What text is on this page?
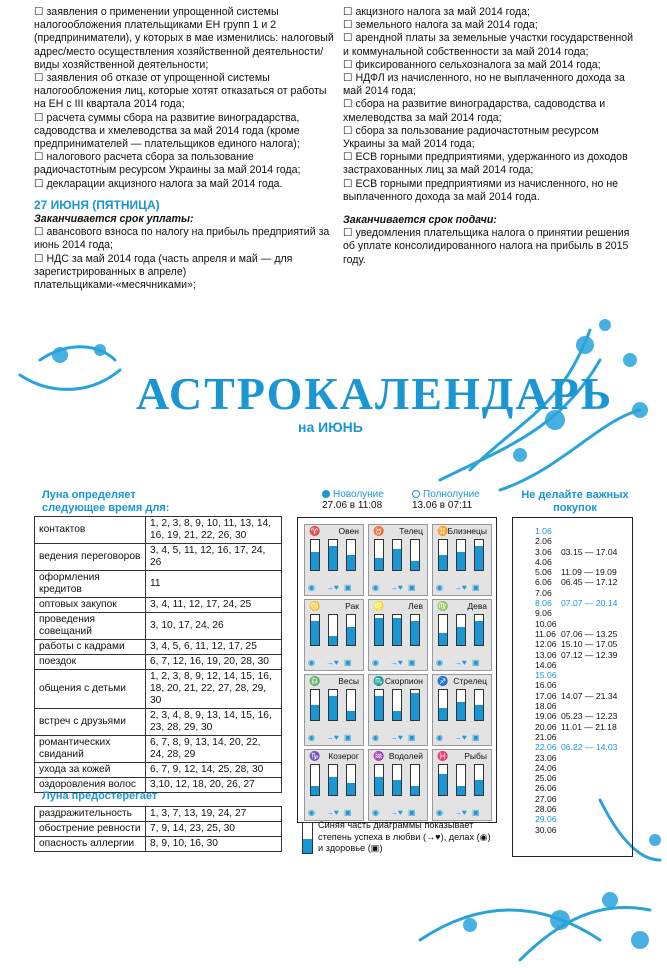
☐ заявления о применении упрощенной системы налогообложения плательщиками ЕН групп 1 и 2 (предприниматели), у которых в мае изменились: налоговый адрес/место осуществления хозяйственной деятельности/виды хозяйственной деятельности;
☐ заявления об отказе от упрощенной системы налогообложения лиц, которые хотят отказаться от работы на ЕН с III квартала 2014 года;
☐ расчета суммы сбора на развитие виноградарства, садоводства и хмелеводства за май 2014 года (кроме предпринимателей — плательщиков единого налога);
☐ налогового расчета сбора за пользование радиочастотным ресурсом Украины за май 2014 года;
☐ декларации акцизного налога за май 2014 года.
27 ИЮНЯ (ПЯТНИЦА)
Заканчивается срок уплаты:
☐ авансового взноса по налогу на прибыль предприятий за июнь 2014 года;
☐ НДС за май 2014 года (часть апреля и май — для зарегистрированных в апреле) плательщиками-«месячниками»;
☐ акцизного налога за май 2014 года;
☐ земельного налога за май 2014 года;
☐ арендной платы за земельные участки государственной и коммунальной собственности за май 2014 года;
☐ фиксированного сельхозналога за май 2014 года;
☐ НДФЛ из начисленного, но не выплаченного дохода за май 2014 года;
☐ сбора на развитие виноградарства, садоводства и хмелеводства за май 2014 года;
☐ сбора за пользование радиочастотным ресурсом Украины за май 2014 года;
☐ ЕСВ горными предприятиями, удержанного из доходов застрахованных лиц за май 2014 года;
☐ ЕСВ горными предприятиями из начисленного, но не выплаченного дохода за май 2014 года.
Заканчивается срок подачи:
☐ уведомления плательщика налога о принятии решения об уплате консолидированного налога на прибыль в 2015 году.
АСТРОКАЛЕНДАРЬ
на ИЮНЬ
Луна определяет следующее время для:
контактов	1, 2, 3, 8, 9, 10, 11, 13, 14, 16, 19, 21, 22, 26, 30
ведения переговоров	3, 4, 5, 11, 12, 16, 17, 24, 26
оформления кредитов	11
оптовых закупок	3, 4, 11, 12, 17, 24, 25
проведения совещаний	3, 10, 17, 24, 26
работы с кадрами	3, 4, 5, 6, 11, 12, 17, 25
поездок	6, 7, 12, 16, 19, 20, 28, 30
общения с детьми	1, 2, 3, 8, 9, 12, 14, 15, 16, 18, 20, 21, 22, 27, 28, 29, 30
встреч с друзьями	2, 3, 4, 8, 9, 13, 14, 15, 16, 23, 28, 29, 30
романтических свиданий	6, 7, 8, 9, 13, 14, 20, 22, 24, 28, 29
ухода за кожей	6, 7, 9, 12, 14, 25, 28, 30
оздоровления волос	3,10, 12, 18, 20, 26, 27
Луна предостерегает
раздражительность	1, 3, 7, 13, 19, 24, 27
обострение ревности	7, 9, 14, 23, 25, 30
опасность аллергии	8, 9, 10, 16, 30
Новолуние
27.06 в 11:08
Полнолуние
13.06 в 07:11
♈ Овен
◉ →♥ ▣
♉ Телец
◉ →♥ ▣
♊ Близнецы
◉ →♥ ▣
♋	Рак
◉ →♥ ▣
♌	Лев
◉ →♥ ▣
♍ Дева
◉ →♥ ▣
♎ Весы
◉ →♥ ▣
♏ Скорпион
◉ →♥ ▣
♐ Стрелец
◉ →♥ ▣
♑ Козерог
◉ →♥ ▣
♒ Водолей
◉ →♥ ▣
♓ Рыбы
◉ →♥ ▣

Синяя часть диаграммы показывает степень успеха в любви (→♥), делах (◉) и здоровье (▣)

Не делайте важных покупок
1.06
2.06
3.06	03.15 — 17.04
4.06
5.06	11.09 — 19.09
6.06	06.45 — 17.12
7.06
8.06	07.07 — 20.14
9.06
10.06
11.06 07.06 — 13.25
12.06 15.10 — 17.05
13.06 07.12 — 12.39
14.06
15.06
16.06
17.06 14.07 — 21.34
18.06
19.06 05.23 — 12.23
20.06 11.01 — 21.18
21.06
22.06 06.22 — 14.03
23.06
24.06
25.06
26.06
27.06
28.06
29.06
30.06
